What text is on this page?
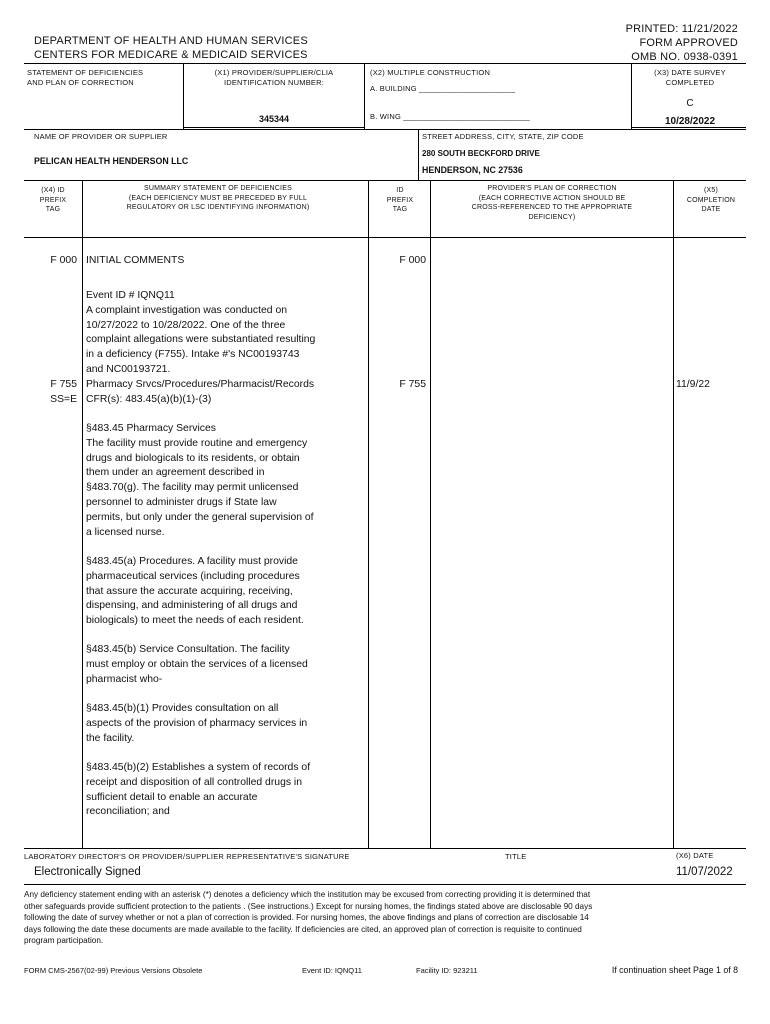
DEPARTMENT OF HEALTH AND HUMAN SERVICES
CENTERS FOR MEDICARE & MEDICAID SERVICES
PRINTED: 11/21/2022
FORM APPROVED
OMB NO. 0938-0391
STATEMENT OF DEFICIENCIES
AND PLAN OF CORRECTION
(X1) PROVIDER/SUPPLIER/CLIA
IDENTIFICATION NUMBER:
345344
(X2) MULTIPLE CONSTRUCTION
A. BUILDING ______________________
B. WING _____________________________
(X3) DATE SURVEY
COMPLETED
C
10/28/2022
NAME OF PROVIDER OR SUPPLIER
PELICAN HEALTH HENDERSON LLC
STREET ADDRESS, CITY, STATE, ZIP CODE
280 SOUTH BECKFORD DRIVE
HENDERSON, NC 27536
(X4) ID
PREFIX
TAG
SUMMARY STATEMENT OF DEFICIENCIES
(EACH DEFICIENCY MUST BE PRECEDED BY FULL
REGULATORY OR LSC IDENTIFYING INFORMATION)
ID
PREFIX
TAG
PROVIDER'S PLAN OF CORRECTION
(EACH CORRECTIVE ACTION SHOULD BE
CROSS-REFERENCED TO THE APPROPRIATE
DEFICIENCY)
(X5)
COMPLETION
DATE
F 000 INITIAL COMMENTS	F 000
Event ID # IQNQ11
A complaint investigation was conducted on
10/27/2022 to 10/28/2022. One of the three
complaint allegations were substantiated resulting
in a deficiency (F755). Intake #'s NC00193743
and NC00193721.
F 755
SS=E
Pharmacy Srvcs/Procedures/Pharmacist/Records
CFR(s): 483.45(a)(b)(1)-(3)
F 755	11/9/22
§483.45 Pharmacy Services
The facility must provide routine and emergency
drugs and biologicals to its residents, or obtain
them under an agreement described in
§483.70(g). The facility may permit unlicensed
personnel to administer drugs if State law
permits, but only under the general supervision of
a licensed nurse.
§483.45(a) Procedures. A facility must provide
pharmaceutical services (including procedures
that assure the accurate acquiring, receiving,
dispensing, and administering of all drugs and
biologicals) to meet the needs of each resident.
§483.45(b) Service Consultation. The facility
must employ or obtain the services of a licensed
pharmacist who-
§483.45(b)(1) Provides consultation on all
aspects of the provision of pharmacy services in
the facility.
§483.45(b)(2) Establishes a system of records of
receipt and disposition of all controlled drugs in
sufficient detail to enable an accurate
reconciliation; and
LABORATORY DIRECTOR'S OR PROVIDER/SUPPLIER REPRESENTATIVE'S SIGNATURE	TITLE	(X6) DATE
Electronically Signed	11/07/2022
Any deficiency statement ending with an asterisk (*) denotes a deficiency which the institution may be excused from correcting providing it is determined that
other safeguards provide sufficient protection to the patients . (See instructions.) Except for nursing homes, the findings stated above are disclosable 90 days
following the date of survey whether or not a plan of correction is provided. For nursing homes, the above findings and plans of correction are disclosable 14
days following the date these documents are made available to the facility. If deficiencies are cited, an approved plan of correction is requisite to continued
program participation.
FORM CMS-2567(02-99) Previous Versions Obsolete	Event ID: IQNQ11	Facility ID: 923211	If continuation sheet Page 1 of 8
